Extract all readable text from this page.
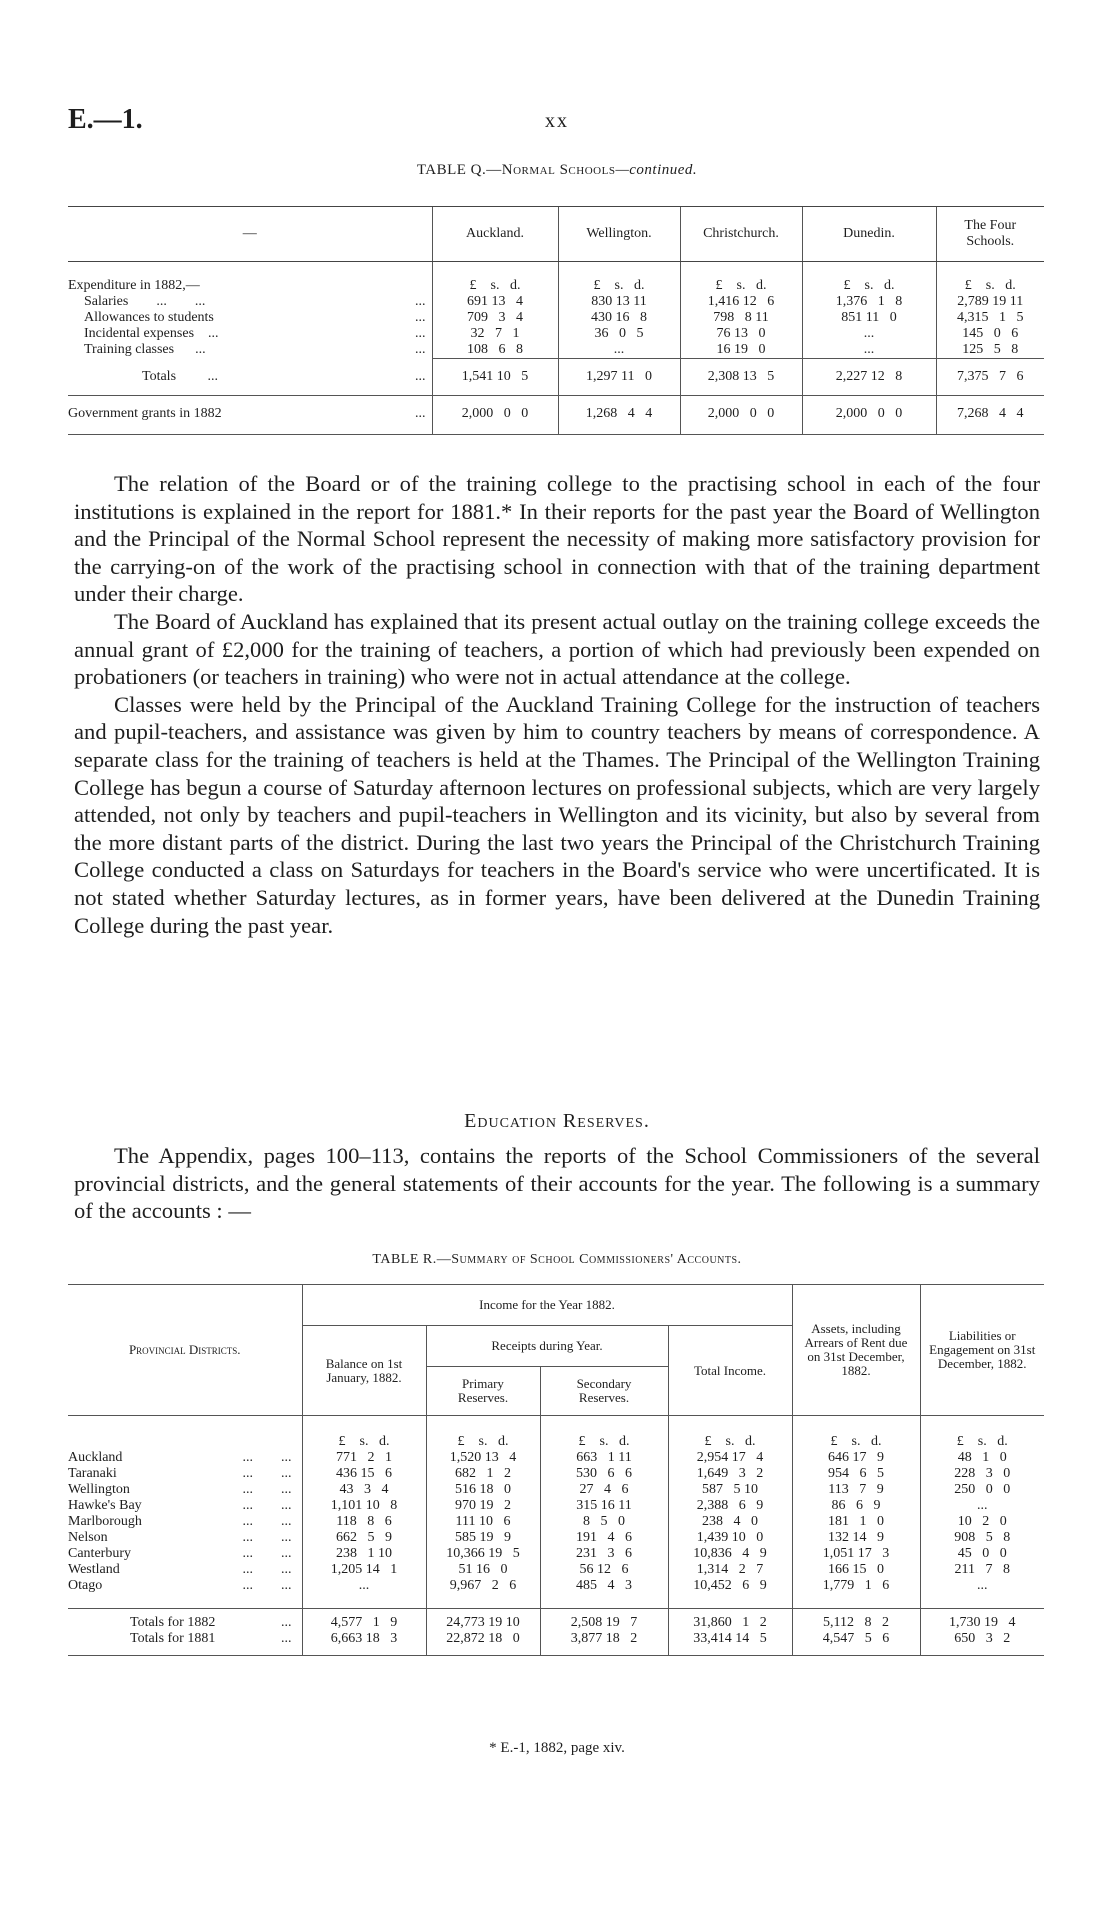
E.—1.	xx
TABLE Q.—Normal Schools—continued.
—		Auckland.	Wellington.	Christchurch.	Dunedin.	The Four Schools.
Expenditure in 1882,—		£    s.   d.	£    s.   d.	£    s.   d.	£    s.   d.	£    s.   d.
Salaries        ...        ...	...	691 13   4	830 13 11	1,416 12   6	1,376   1   8	2,789 19 11
Allowances to students	...	709   3   4	430 16   8	798   8 11	851 11   0	4,315   1   5
Incidental expenses    ...	...	32   7   1	36   0   5	76 13   0	...	145   0   6
Training classes      ...	...	108   6   8	...	16 19   0	...	125   5   8
Totals         ...	...	1,541 10   5	1,297 11   0	2,308 13   5	2,227 12   8	7,375   7   6
Government grants in 1882	...	2,000   0   0	1,268   4   4	2,000   0   0	2,000   0   0	7,268   4   4

The relation of the Board or of the training college to the practising school in each of the four institutions is explained in the report for 1881.* In their reports for the past year the Board of Wellington and the Principal of the Normal School represent the necessity of making more satisfactory provision for the carrying-on of the work of the practising school in connection with that of the training department under their charge.

The Board of Auckland has explained that its present actual outlay on the training college exceeds the annual grant of £2,000 for the training of teachers, a portion of which had previously been expended on probationers (or teachers in training) who were not in actual attendance at the college.

Classes were held by the Principal of the Auckland Training College for the instruction of teachers and pupil-teachers, and assistance was given by him to country teachers by means of correspondence. A separate class for the training of teachers is held at the Thames. The Principal of the Wellington Training College has begun a course of Saturday afternoon lectures on professional subjects, which are very largely attended, not only by teachers and pupil-teachers in Wellington and its vicinity, but also by several from the more distant parts of the district. During the last two years the Principal of the Christchurch Training College conducted a class on Saturdays for teachers in the Board's service who were uncertificated. It is not stated whether Saturday lectures, as in former years, have been delivered at the Dunedin Training College during the past year.

Education Reserves.

The Appendix, pages 100–113, contains the reports of the School Commissioners of the several provincial districts, and the general statements of their accounts for the year. The following is a summary of the accounts : —

TABLE R.—Summary of School Commissioners' Accounts.
Provincial Districts.	Income for the Year 1882.				Assets, including Arrears of Rent due on 31st December, 1882.	Liabilities or Engagement on 31st December, 1882.
	Balance on 1st January, 1882.	Receipts during Year.		Total Income.		
		Primary Reserves.	Secondary Reserves.			
	£    s.   d.	£    s.   d.	£    s.   d.	£    s.   d.	£    s.   d.	£    s.   d.
Auckland ...        ...	771   2   1	1,520 13   4	663   1 11	2,954 17   4	646 17   9	48   1   0
Taranaki ...        ...	436 15   6	682   1   2	530   6   6	1,649   3   2	954   6   5	228   3   0
Wellington ...        ...	43   3   4	516 18   0	27   4   6	587   5 10	113   7   9	250   0   0
Hawke's Bay ...        ...	1,101 10   8	970 19   2	315 16 11	2,388   6   9	86   6   9	...
Marlborough ...        ...	118   8   6	111 10   6	8   5   0	238   4   0	181   1   0	10   2   0
Nelson ...        ...	662   5   9	585 19   9	191   4   6	1,439 10   0	132 14   9	908   5   8
Canterbury ...        ...	238   1 10	10,366 19   5	231   3   6	10,836   4   9	1,051 17   3	45   0   0
Westland ...        ...	1,205 14   1	51 16   0	56 12   6	1,314   2   7	166 15   0	211   7   8
Otago ...        ...	...	9,967   2   6	485   4   3	10,452   6   9	1,779   1   6	...
Totals for 1882 ...	4,577   1   9	24,773 19 10	2,508 19   7	31,860   1   2	5,112   8   2	1,730 19   4
Totals for 1881 ...	6,663 18   3	22,872 18   0	3,877 18   2	33,414 14   5	4,547   5   6	650   3   2
* E.-1, 1882, page xiv.
